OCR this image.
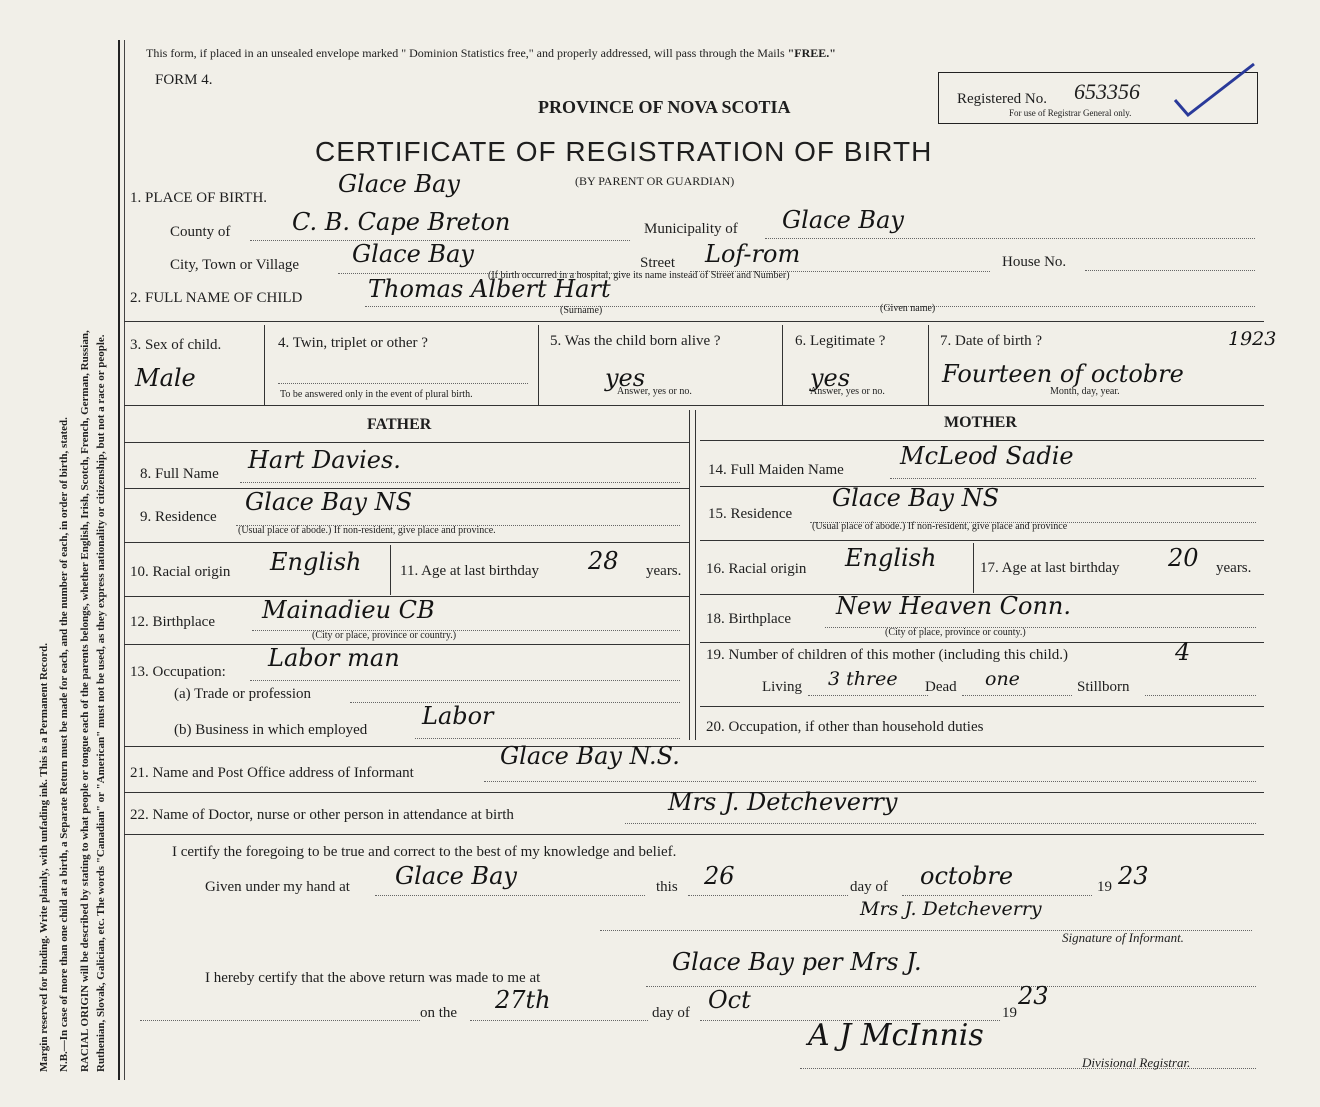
Margin reserved for binding. Write plainly, with unfading ink. This is a Permanent Record. N.B.—In case of more than one child at a birth, a Separate Return must be made for each, and the number of each, in order of birth, stated. RACIAL ORIGIN will be described by stating to what people or tongue each of the parents belongs, whether English, Irish, Scotch, French, German, Russian, Ruthenian, Slovak, Galician, etc. The words "Canadian" or "American" must not be used, as they express nationality or citizenship, but not a race or people.
This form, if placed in an unsealed envelope marked " Dominion Statistics free," and properly addressed, will pass through the Mails "FREE."
FORM 4.
PROVINCE OF NOVA SCOTIA
CERTIFICATE OF REGISTRATION OF BIRTH
(BY PARENT OR GUARDIAN)
Registered No. 653356
For use of Registrar General only.
1. PLACE OF BIRTH.	Glace Bay
County of	C. B. Cape Breton	Municipality of Glace Bay
City, Town or Village Glace Bay	Street Lof-rom	House No.
(If birth occurred in a hospital, give its name instead of Street and Number)
2. FULL NAME OF CHILD	Thomas Albert Hart
(Surname)	(Given name)
3. Sex of child.
Male
4. Twin, triplet or other ?
To be answered only in the event of plural birth.
5. Was the child born alive ?
yes
Answer, yes or no.
6. Legitimate ?
yes
Answer, yes or no.
7. Date of birth ?	1923
Fourteen of octobre
Month, day, year.
FATHER	MOTHER
8. Full Name Hart Davies.	14. Full Maiden Name McLeod Sadie
9. Residence
Glace Bay NS
(Usual place of abode.) If non-resident, give place and province.
15. Residence
Glace Bay NS
(Usual place of abode.) If non-resident, give place and province
10. Racial origin English	11. Age at last birthday 28 years. 16. Racial origin English	17. Age at last birthday 20 years.
12. Birthplace Mainadieu CB
(City or place, province or country.)
18. Birthplace New Heaven Conn.
(City of place, province or county.)
13. Occupation: Labor man
(a) Trade or profession
(b) Business in which employed Labor
19. Number of children of this mother (including this child.)	4
Living 3 three Dead one	Stillborn
20. Occupation, if other than household duties
21. Name and Post Office address of Informant
Glace Bay N.S.
22. Name of Doctor, nurse or other person in attendance at birth	Mrs J. Detcheverry
I certify the foregoing to be true and correct to the best of my knowledge and belief.
Given under my hand at Glace Bay	this 26	day of octobre	19 23
Mrs J. Detcheverry
Signature of Informant.
I hereby certify that the above return was made to me at
Glace Bay per Mrs J.
on the 27th	day of Oct	19
23
A J McInnis
Divisional Registrar.
